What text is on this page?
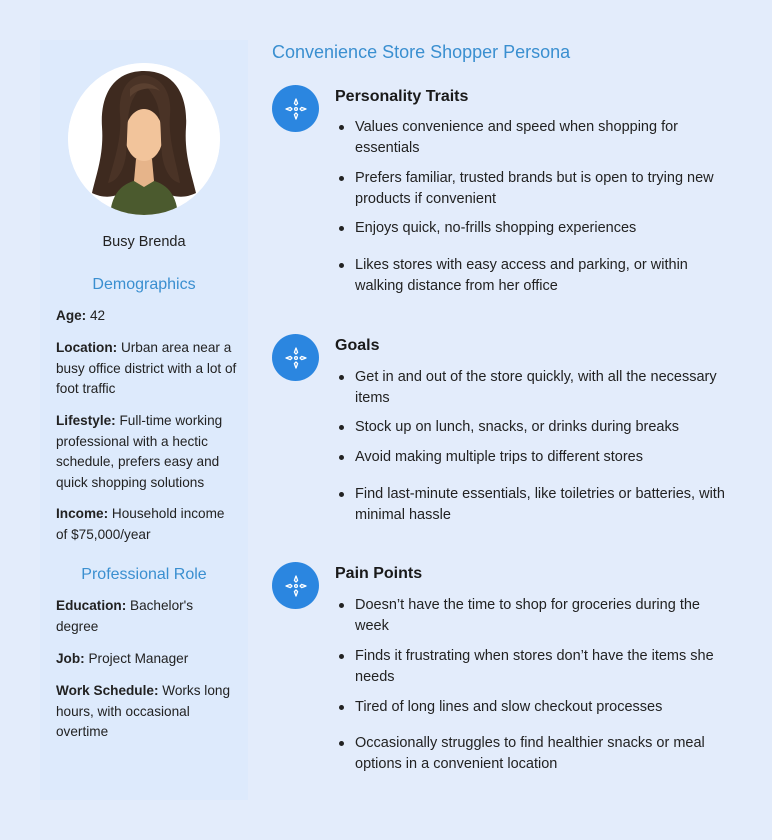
Busy Brenda
Demographics
Age: 42
Location: Urban area near a busy office district with a lot of foot traffic
Lifestyle: Full-time working professional with a hectic schedule, prefers easy and quick shopping solutions
Income: Household income of $75,000/year
Professional Role
Education: Bachelor's degree
Job: Project Manager
Work Schedule: Works long hours, with occasional overtime
Convenience Store Shopper Persona
Personality Traits
Values convenience and speed when shopping for essentials
Prefers familiar, trusted brands but is open to trying new products if convenient
Enjoys quick, no-frills shopping experiences
Likes stores with easy access and parking, or within walking distance from her office
Goals
Get in and out of the store quickly, with all the necessary items
Stock up on lunch, snacks, or drinks during breaks
Avoid making multiple trips to different stores
Find last-minute essentials, like toiletries or batteries, with minimal hassle
Pain Points
Doesn’t have the time to shop for groceries during the week
Finds it frustrating when stores don’t have the items she needs
Tired of long lines and slow checkout processes
Occasionally struggles to find healthier snacks or meal options in a convenient location
